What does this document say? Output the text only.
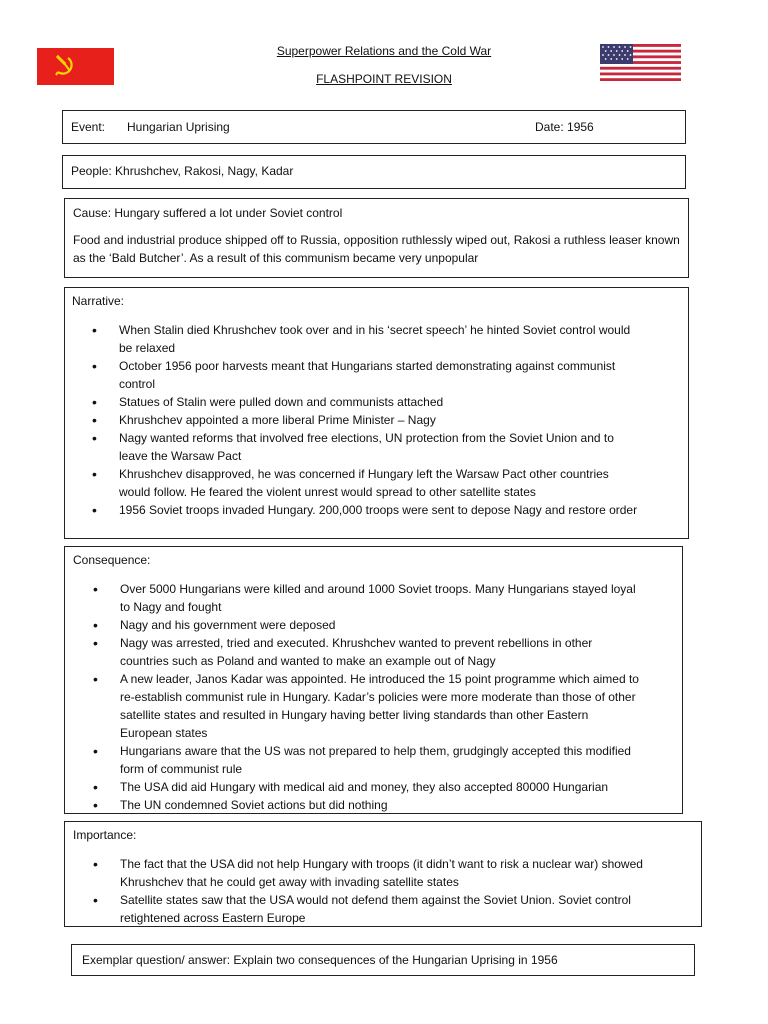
Superpower Relations and the Cold War
FLASHPOINT REVISION
Event: Hungarian Uprising	Date: 1956
People: Khrushchev, Rakosi, Nagy, Kadar

Cause: Hungary suffered a lot under Soviet control

Food and industrial produce shipped off to Russia, opposition ruthlessly wiped out, Rakosi a ruthless leaser known as the ‘Bald Butcher’. As a result of this communism became very unpopular

Narrative:

• When Stalin died Khrushchev took over and in his ‘secret speech’ he hinted Soviet control would be relaxed
• October 1956 poor harvests meant that Hungarians started demonstrating against communist control
• Statues of Stalin were pulled down and communists attached
• Khrushchev appointed a more liberal Prime Minister – Nagy
• Nagy wanted reforms that involved free elections, UN protection from the Soviet Union and to leave the Warsaw Pact
• Khrushchev disapproved, he was concerned if Hungary left the Warsaw Pact other countries would follow. He feared the violent unrest would spread to other satellite states
• 1956 Soviet troops invaded Hungary. 200,000 troops were sent to depose Nagy and restore order

Consequence:

• Over 5000 Hungarians were killed and around 1000 Soviet troops. Many Hungarians stayed loyal to Nagy and fought
• Nagy and his government were deposed
• Nagy was arrested, tried and executed. Khrushchev wanted to prevent rebellions in other countries such as Poland and wanted to make an example out of Nagy
• A new leader, Janos Kadar was appointed. He introduced the 15 point programme which aimed to re-establish communist rule in Hungary. Kadar’s policies were more moderate than those of other satellite states and resulted in Hungary having better living standards than other Eastern European states
• Hungarians aware that the US was not prepared to help them, grudgingly accepted this modified form of communist rule
• The USA did aid Hungary with medical aid and money, they also accepted 80000 Hungarian
• The UN condemned Soviet actions but did nothing

Importance:

• The fact that the USA did not help Hungary with troops (it didn’t want to risk a nuclear war) showed Khrushchev that he could get away with invading satellite states
• Satellite states saw that the USA would not defend them against the Soviet Union. Soviet control retightened across Eastern Europe
Exemplar question/ answer: Explain two consequences of the Hungarian Uprising in 1956
